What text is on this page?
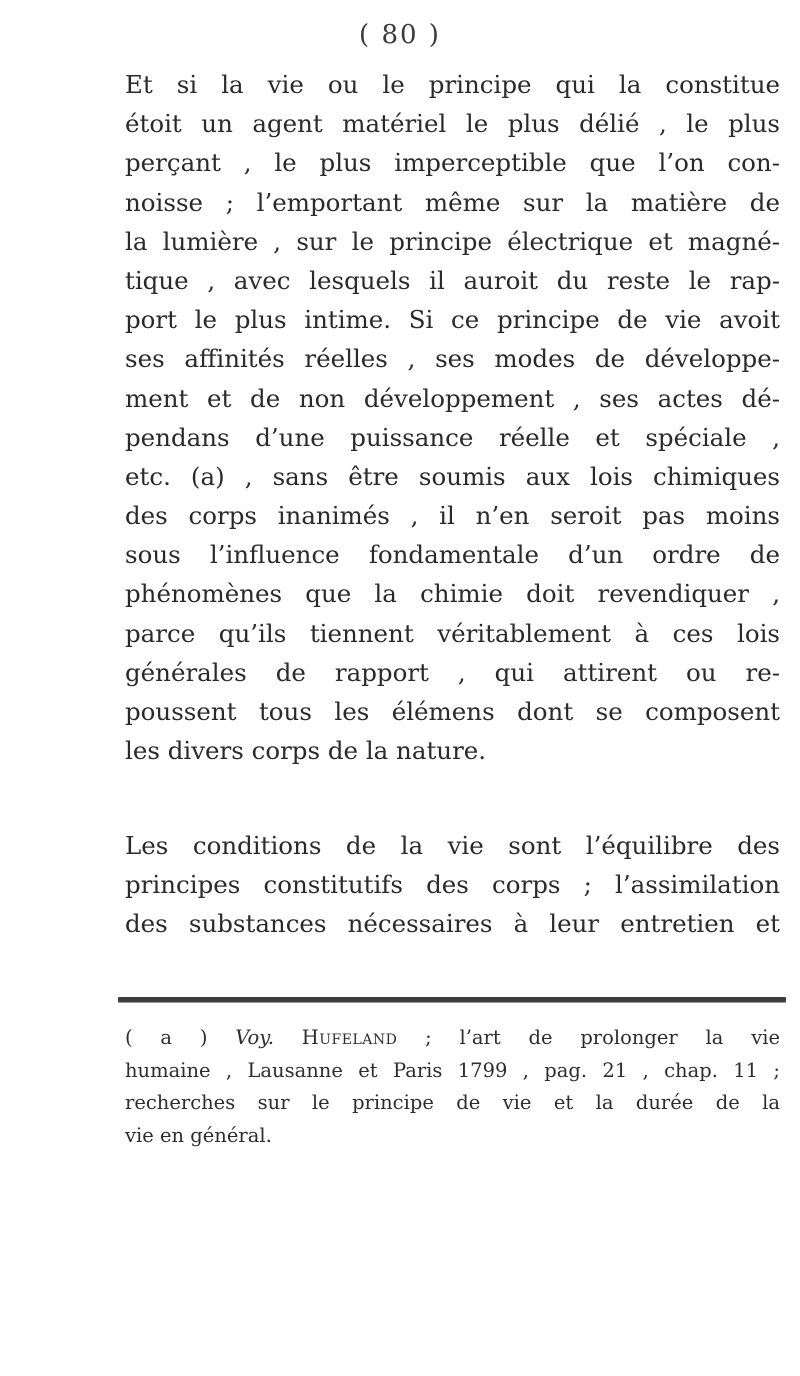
( 80 )
Et si la vie ou le principe qui la constitue
étoit un agent matériel le plus délié , le plus
perçant , le plus imperceptible que l’on con-
noisse ; l’emportant même sur la matière de
la lumière , sur le principe électrique et magné-
tique , avec lesquels il auroit du reste le rap-
port le plus intime. Si ce principe de vie avoit
ses affinités réelles , ses modes de développe-
ment et de non développement , ses actes dé-
pendans d’une puissance réelle et spéciale ,
etc. (a) , sans être soumis aux lois chimiques
des corps inanimés , il n’en seroit pas moins
sous l’influence fondamentale d’un ordre de
phénomènes que la chimie doit revendiquer ,
parce qu’ils tiennent véritablement à ces lois
générales de rapport , qui attirent ou re-
poussent tous les élémens dont se composent
les divers corps de la nature.
Les conditions de la vie sont l’équilibre des
principes constitutifs des corps ; l’assimilation
des substances nécessaires à leur entretien et
( a ) Voy. Hufeland ; l’art de prolonger la vie
humaine , Lausanne et Paris 1799 , pag. 21 , chap. 11 ;
recherches sur le principe de vie et la durée de la
vie en général.
